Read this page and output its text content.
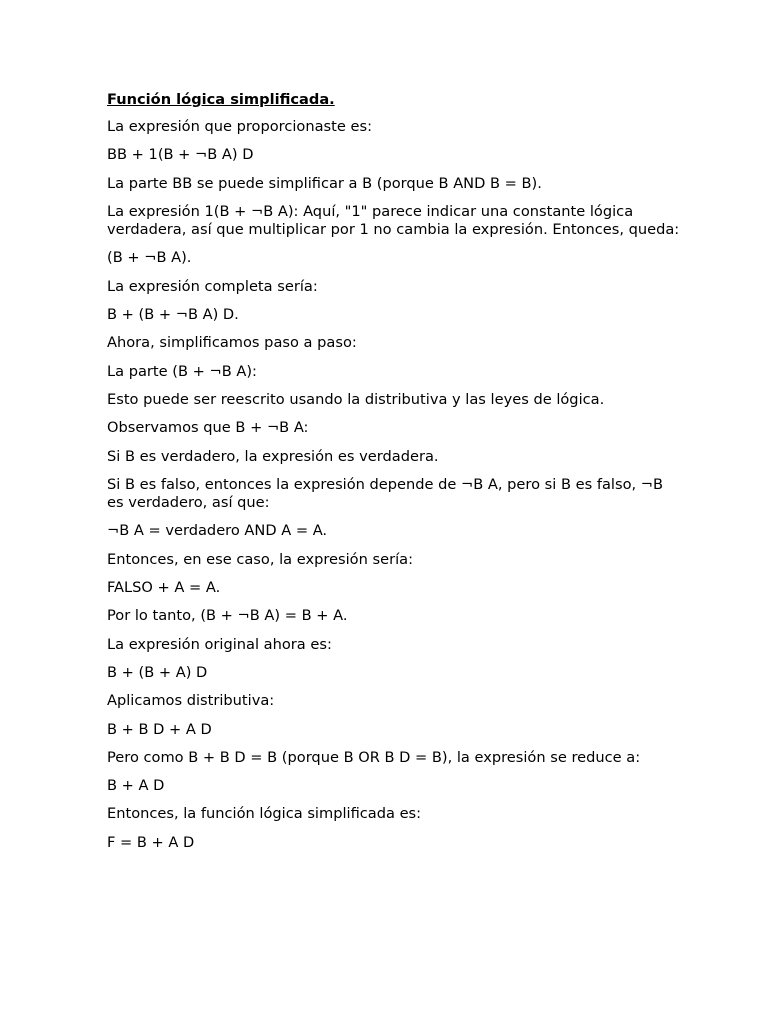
Función lógica simplificada.

La expresión que proporcionaste es:

BB + 1(B + ¬B A) D

La parte BB se puede simplificar a B (porque B AND B = B).

La expresión 1(B + ¬B A): Aquí, "1" parece indicar una constante lógica verdadera, así que multiplicar por 1 no cambia la expresión. Entonces, queda:

(B + ¬B A).

La expresión completa sería:

B + (B + ¬B A) D.

Ahora, simplificamos paso a paso:

La parte (B + ¬B A):

Esto puede ser reescrito usando la distributiva y las leyes de lógica.

Observamos que B + ¬B A:

Si B es verdadero, la expresión es verdadera.

Si B es falso, entonces la expresión depende de ¬B A, pero si B es falso, ¬B es verdadero, así que:

¬B A = verdadero AND A = A.

Entonces, en ese caso, la expresión sería:

FALSO + A = A.

Por lo tanto, (B + ¬B A) = B + A.

La expresión original ahora es:

B + (B + A) D

Aplicamos distributiva:

B + B D + A D

Pero como B + B D = B (porque B OR B D = B), la expresión se reduce a:

B + A D

Entonces, la función lógica simplificada es:

F = B + A D
